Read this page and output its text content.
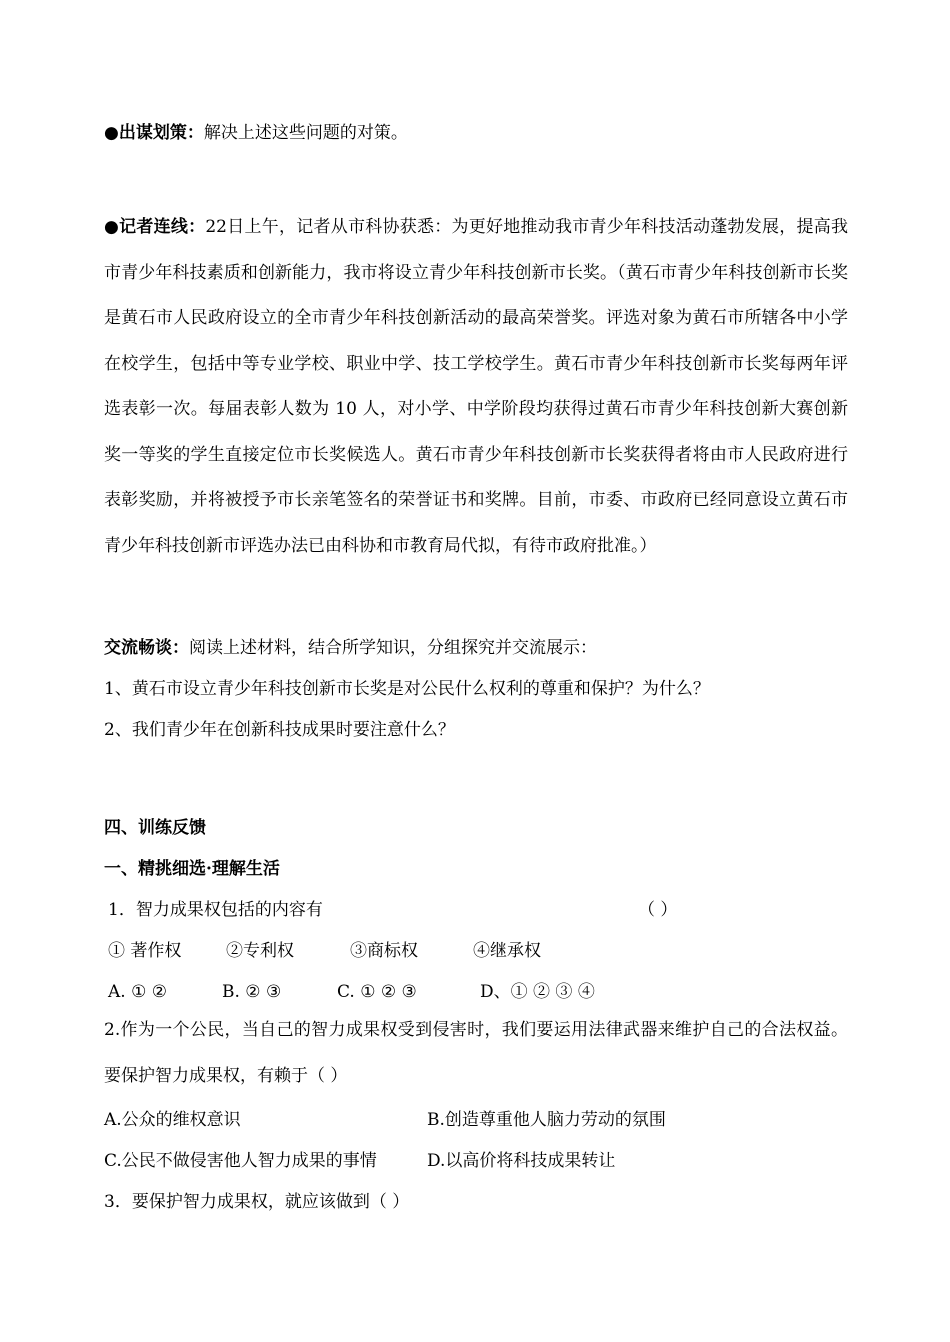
●出谋划策：解决上述这些问题的对策。
●记者连线：22日上午，记者从市科协获悉：为更好地推动我市青少年科技活动蓬勃发展，提高我市青少年科技素质和创新能力，我市将设立青少年科技创新市长奖。（黄石市青少年科技创新市长奖是黄石市人民政府设立的全市青少年科技创新活动的最高荣誉奖。评选对象为黄石市所辖各中小学在校学生，包括中等专业学校、职业中学、技工学校学生。黄石市青少年科技创新市长奖每两年评选表彰一次。每届表彰人数为 10 人，对小学、中学阶段均获得过黄石市青少年科技创新大赛创新奖一等奖的学生直接定位市长奖候选人。黄石市青少年科技创新市长奖获得者将由市人民政府进行表彰奖励，并将被授予市长亲笔签名的荣誉证书和奖牌。目前，市委、市政府已经同意设立黄石市青少年科技创新市评选办法已由科协和市教育局代拟，有待市政府批准。）
交流畅谈：阅读上述材料，结合所学知识，分组探究并交流展示：
1、黄石市设立青少年科技创新市长奖是对公民什么权利的尊重和保护？为什么？
2、我们青少年在创新科技成果时要注意什么？
四、训练反馈
一、精挑细选·理解生活
1．智力成果权包括的内容有	（ ）
① 著作权	②专利权	③商标权	④继承权
A. ① ②	B. ② ③	C. ① ② ③	D、① ② ③ ④
2.作为一个公民，当自己的智力成果权受到侵害时，我们要运用法律武器来维护自己的合法权益。要保护智力成果权，有赖于（ ）
A.公众的维权意识	B.创造尊重他人脑力劳动的氛围
C.公民不做侵害他人智力成果的事情	D.以高价将科技成果转让
3．要保护智力成果权，就应该做到（ ）
